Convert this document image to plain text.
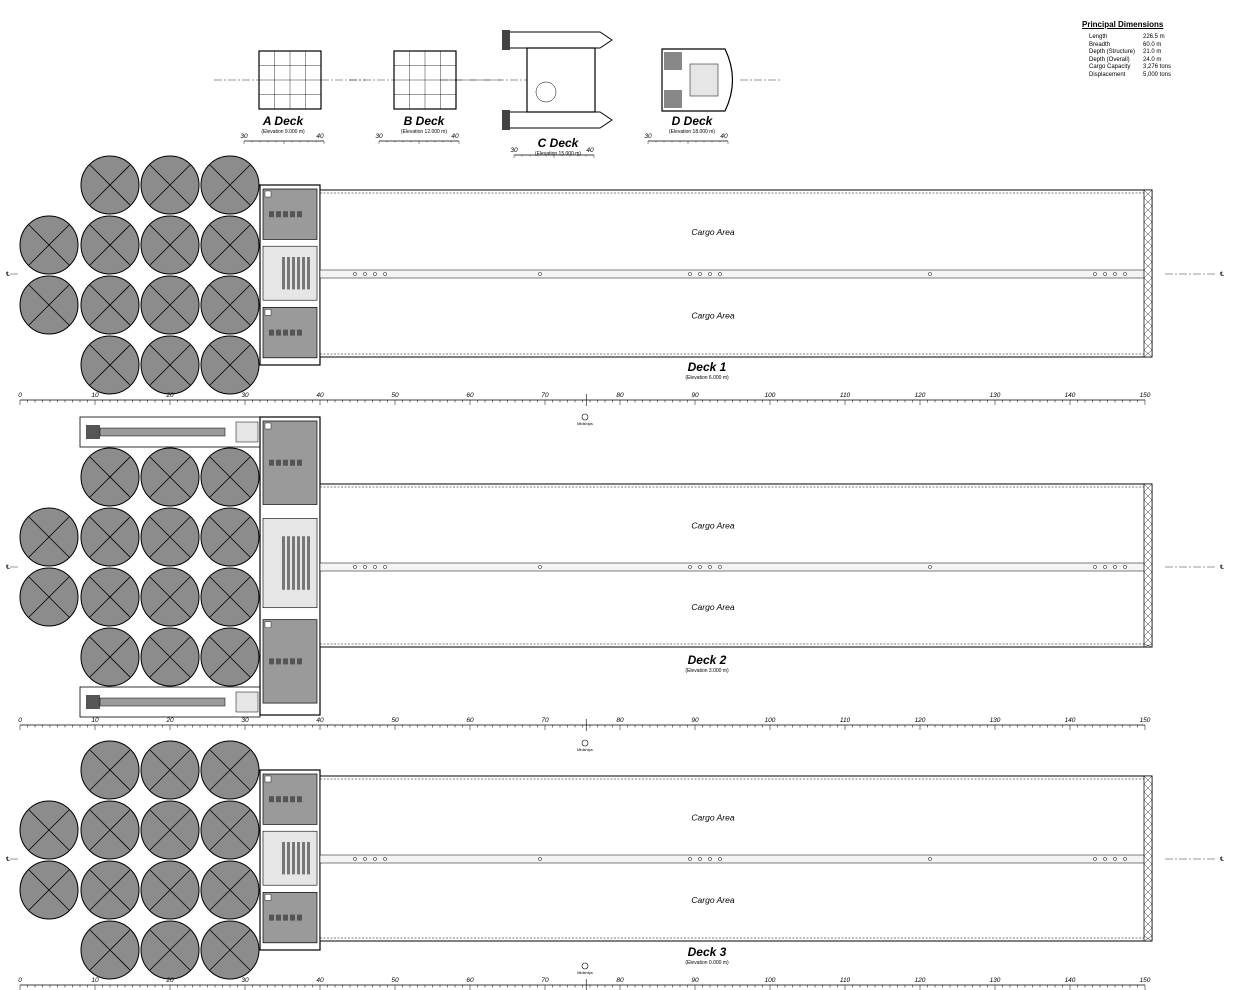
A Deck
(Elevation 9.000 m)
30	40
B Deck
(Elevation 12.000 m)
30	40	C Deck
(Elevation 15.000 m)
30	40
D Deck
(Elevation 18.000 m)
30	40
Cargo Area
Cargo Area
℄	℄
Deck 1
(Elevation 6.000 m)
0	10	20	30	40	50	60	70	80	90	100	110	120	130	140	150
Midships
Cargo Area
Cargo Area
℄	℄
Deck 2
(Elevation 3.000 m)
0	10	20	30	40	50	60	70	80	90	100	110	120	130	140	150
Midships
Cargo Area
Cargo Area
℄	℄
Deck 3
(Elevation 0.000 m)
0	10	20	30	40	50	60	70	80	90	100	110	120	130	140	150
Midships
Principal Dimensions
Length	226.5 m
Breadth	60.0 m
Depth (Structure)	21.0 m
Depth (Overall)	24.0 m
Cargo Capacity	3,276 tons
Displacement	5,000 tons
